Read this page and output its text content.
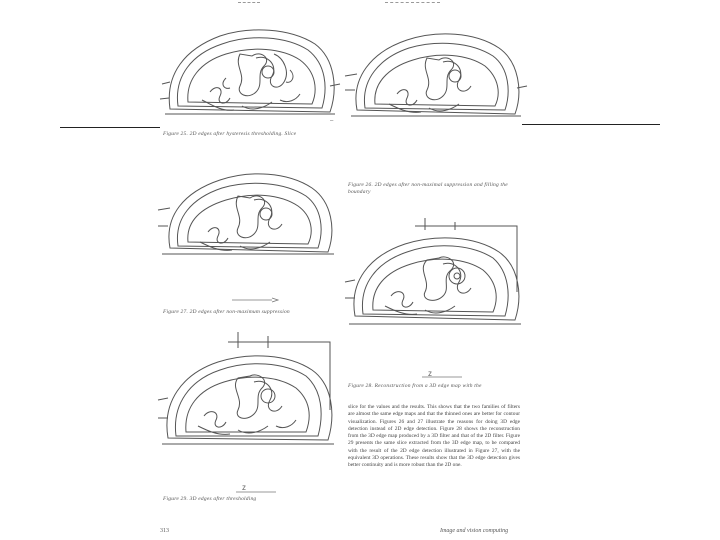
–
Figure 25. 2D edges after hysteresis thresholding. Slice
Figure 26. 2D edges after non-maximal suppression and filling the boundary
Figure 27. 2D edges after non-maximum suppression
z
Figure 28. Reconstruction from a 3D edge map with the
z
Figure 29. 3D edges after thresholding
slice for the values and the results. This shows that the two families of filters are almost the same edge maps and that the thinned ones are better for contour visualization. Figures 26 and 27 illustrate the reasons for doing 3D edge detection instead of 2D edge detection. Figure 28 shows the reconstruction from the 3D edge map produced by a 3D filter and that of the 2D filter. Figure 29 presents the same slice extracted from the 3D edge map, to be compared with the result of the 2D edge detection illustrated in Figure 27, with the equivalent 3D operations. These results show that the 3D edge detection gives better continuity and is more robust than the 2D one.
313	Image and vision computing
